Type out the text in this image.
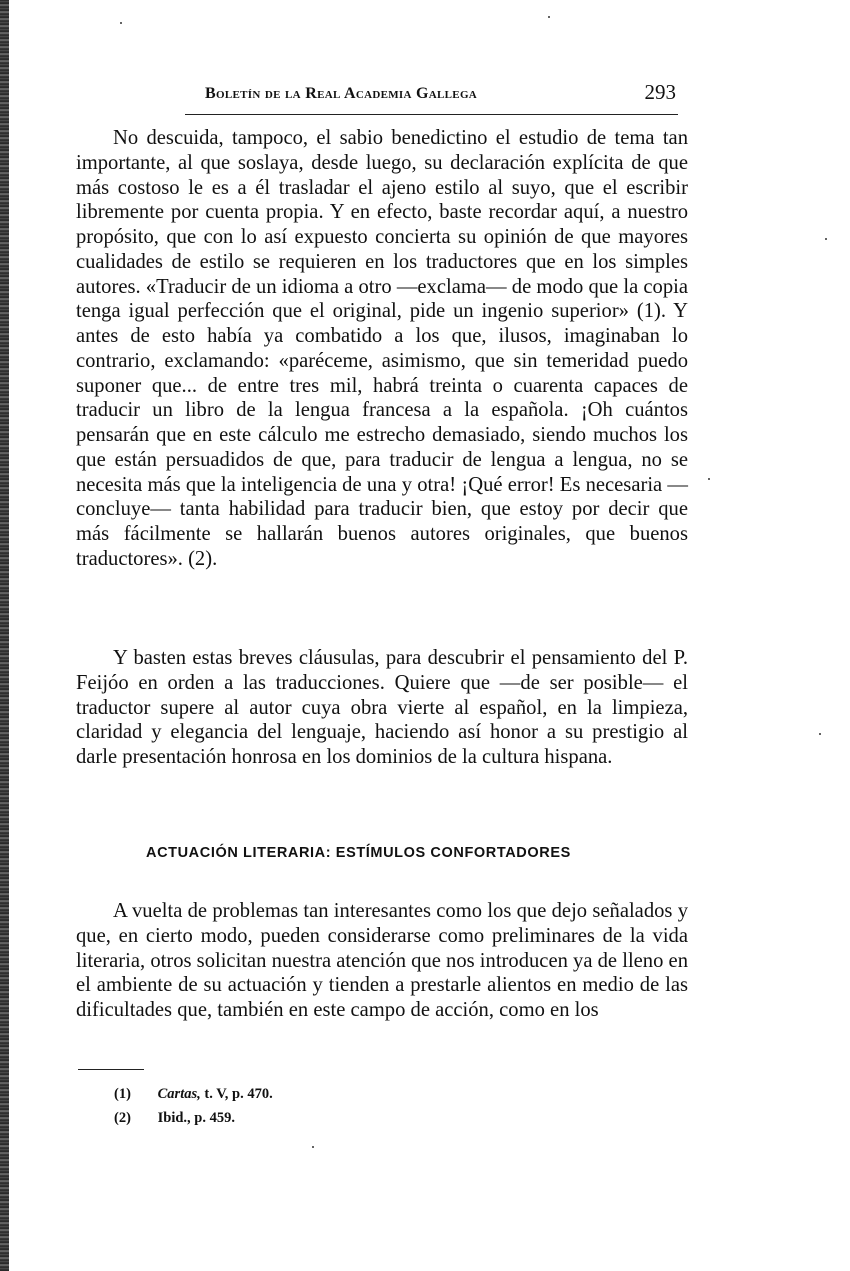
Boletín de la Real Academia Gallega	293

No descuida, tampoco, el sabio benedictino el estudio de tema tan importante, al que soslaya, desde luego, su declaración explícita de que más costoso le es a él trasladar el ajeno estilo al suyo, que el escribir libremente por cuenta propia. Y en efecto, baste recordar aquí, a nuestro propósito, que con lo así expuesto concierta su opinión de que mayores cualidades de estilo se requieren en los traductores que en los simples autores. «Traducir de un idioma a otro —exclama— de modo que la copia tenga igual perfección que el original, pide un ingenio superior» (1). Y antes de esto había ya combatido a los que, ilusos, imaginaban lo contrario, exclamando: «paréceme, asimismo, que sin temeridad puedo suponer que... de entre tres mil, habrá treinta o cuarenta capaces de traducir un libro de la lengua francesa a la española. ¡Oh cuántos pensarán que en este cálculo me estrecho demasiado, siendo muchos los que están persuadidos de que, para traducir de lengua a lengua, no se necesita más que la inteligencia de una y otra! ¡Qué error! Es necesaria —concluye— tanta habilidad para traducir bien, que estoy por decir que más fácilmente se hallarán buenos autores originales, que buenos traductores». (2).

Y basten estas breves cláusulas, para descubrir el pensamiento del P. Feijóo en orden a las traducciones. Quiere que —de ser posible— el traductor supere al autor cuya obra vierte al español, en la limpieza, claridad y elegancia del lenguaje, haciendo así honor a su prestigio al darle presentación honrosa en los dominios de la cultura hispana.

ACTUACIÓN LITERARIA: ESTÍMULOS CONFORTADORES

A vuelta de problemas tan interesantes como los que dejo señalados y que, en cierto modo, pueden considerarse como preliminares de la vida literaria, otros solicitan nuestra atención que nos introducen ya de lleno en el ambiente de su actuación y tienden a prestarle alientos en medio de las dificultades que, también en este campo de acción, como en los

(1) Cartas, t. V, p. 470.
(2) Ibid., p. 459.
